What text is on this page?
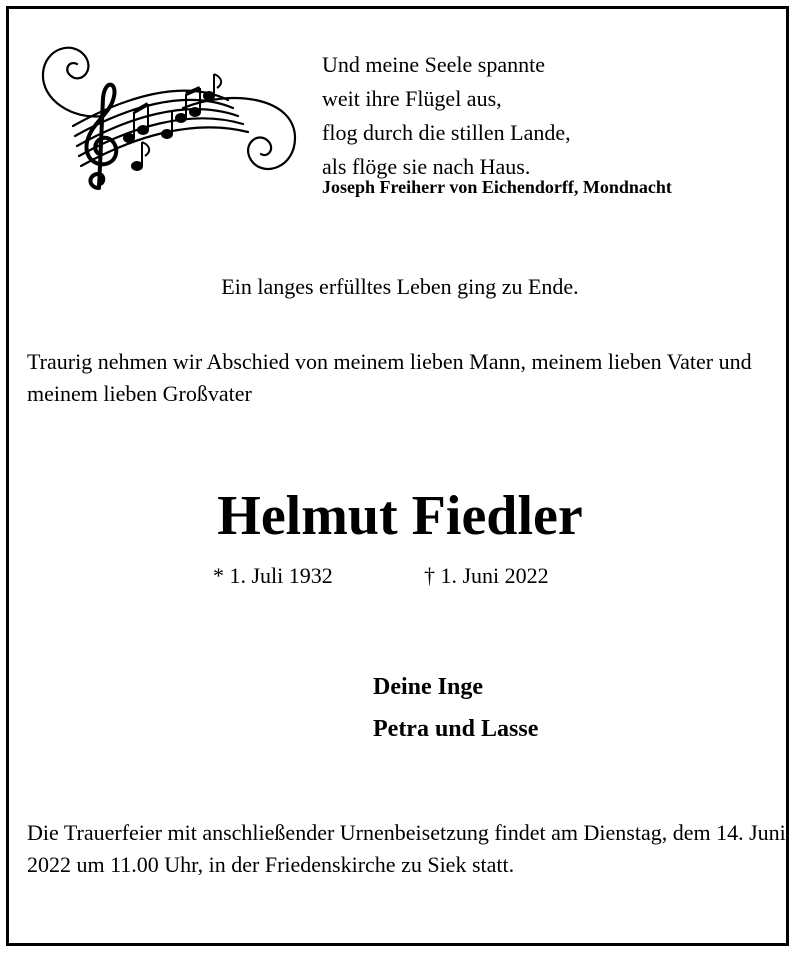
Und meine Seele spannte
weit ihre Flügel aus,
flog durch die stillen Lande,
als flöge sie nach Haus.
Joseph Freiherr von Eichendorff, Mondnacht
Ein langes erfülltes Leben ging zu Ende.
Traurig nehmen wir Abschied von meinem lieben Mann, meinem lieben Vater und meinem lieben Großvater
Helmut Fiedler
* 1. Juli 1932	† 1. Juni 2022
Deine Inge
Petra und Lasse
Die Trauerfeier mit anschließender Urnenbeisetzung findet am Dienstag, dem 14. Juni 2022 um 11.00 Uhr, in der Friedenskirche zu Siek statt.
